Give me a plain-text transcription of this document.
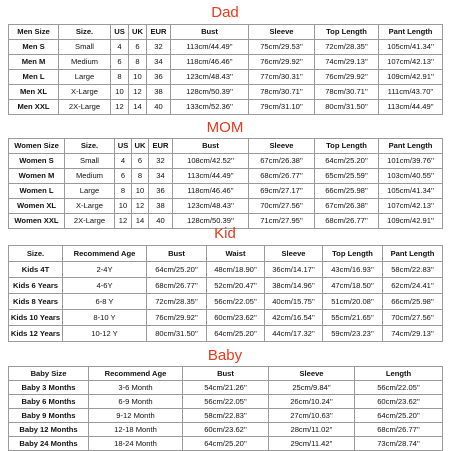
Dad
Men Size	Size.	US	UK	EUR	Bust	Sleeve	Top Length	Pant Length
Men S	Small	4	6	32	113cm/44.49''	75cm/29.53''	72cm/28.35''	105cm/41.34''
Men M	Medium	6	8	34	118cm/46.46''	76cm/29.92''	74cm/29.13''	107cm/42.13''
Men L	Large	8	10	36	123cm/48.43''	77cm/30.31''	76cm/29.92''	109cm/42.91''
Men XL	X-Large	10	12	38	128cm/50.39''	78cm/30.71''	78cm/30.71''	111cm/43.70''
Men XXL	2X-Large	12	14	40	133cm/52.36''	79cm/31.10''	80cm/31.50''	113cm/44.49''
MOM
Women Size	Size.	US	UK	EUR	Bust	Sleeve	Top Length	Pant Length
Women S	Small	4	6	32	108cm/42.52''	67cm/26.38''	64cm/25.20''	101cm/39.76''
Women M	Medium	6	8	34	113cm/44.49''	68cm/26.77''	65cm/25.59''	103cm/40.55''
Women L	Large	8	10	36	118cm/46.46''	69cm/27.17''	66cm/25.98''	105cm/41.34''
Women XL	X-Large	10	12	38	123cm/48.43''	70cm/27.56''	67cm/26.38''	107cm/42.13''
Women XXL	2X-Large	12	14	40	128cm/50.39''	71cm/27.95''	68cm/26.77''	109cm/42.91''
Kid
Size.	Recommend Age	Bust	Waist	Sleeve	Top Length	Pant Length
Kids 4T	2-4Y	64cm/25.20''	48cm/18.90''	36cm/14.17''	43cm/16.93''	58cm/22.83''
Kids 6 Years	4-6Y	68cm/26.77''	52cm/20.47''	38cm/14.96''	47cm/18.50''	62cm/24.41''
Kids 8 Years	6-8 Y	72cm/28.35''	56cm/22.05''	40cm/15.75''	51cm/20.08''	66cm/25.98''
Kids 10 Years	8-10 Y	76cm/29.92''	60cm/23.62''	42cm/16.54''	55cm/21.65''	70cm/27.56''
Kids 12 Years	10-12 Y	80cm/31.50''	64cm/25.20''	44cm/17.32''	59cm/23.23''	74cm/29.13''
Baby
Baby Size	Recommend Age	Bust	Sleeve	Length
Baby 3 Months	3-6 Month	54cm/21.26''	25cm/9.84''	56cm/22.05''
Baby 6 Months	6-9 Month	56cm/22.05''	26cm/10.24''	60cm/23.62''
Baby 9 Months	9-12 Month	58cm/22.83''	27cm/10.63''	64cm/25.20''
Baby 12 Months	12-18 Month	60cm/23.62''	28cm/11.02''	68cm/26.77''
Baby 24 Months	18-24 Month	64cm/25.20''	29cm/11.42''	73cm/28.74''
